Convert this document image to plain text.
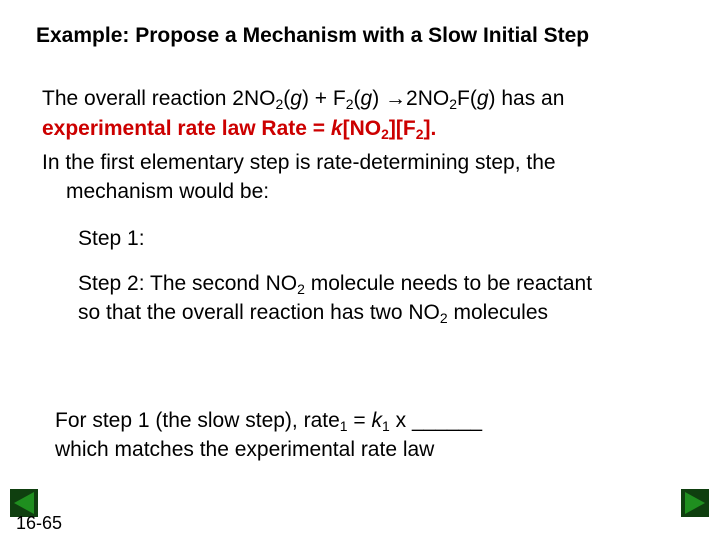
Example: Propose a Mechanism with a Slow Initial Step
The overall reaction $2NO_2(g) + F_2(g) \to 2NO_2F(g)$ has an
experimental rate law Rate = $k[NO_2][F_2]$.
In the first elementary step is rate-determining step, the
mechanism would be:
Step 1:
Step 2: The second $NO_2$ molecule needs to be reactant
so that the overall reaction has two $NO_2$ molecules
For step 1 (the slow step), rate$_1$ = $k_1$ x ______
which matches the experimental rate law
16-65
